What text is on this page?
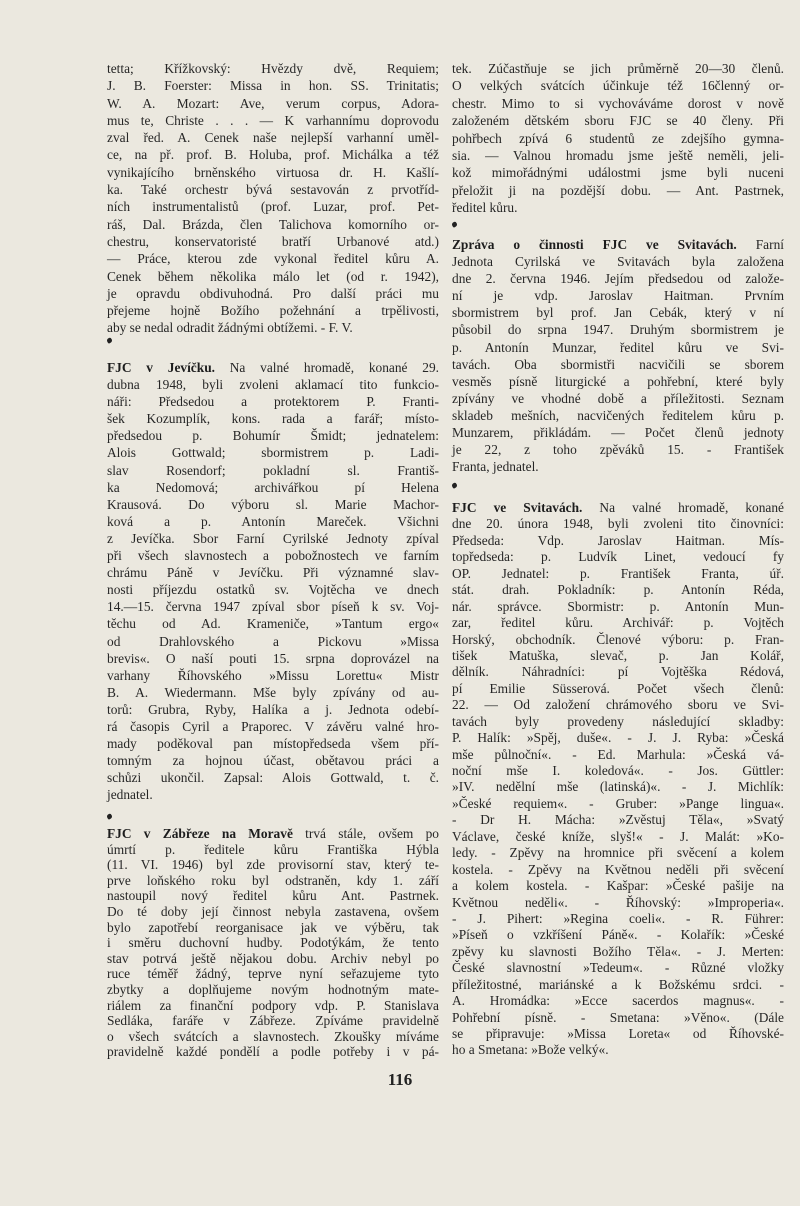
tetta; Křížkovský: Hvězdy dvě, Requiem;
J. B. Foerster: Missa in hon. SS. Trinitatis;
W. A. Mozart: Ave, verum corpus, Adora-
mus te, Christe . . . — K varhannímu doprovodu
zval řed. A. Cenek naše nejlepší varhanní uměl-
ce, na př. prof. B. Holuba, prof. Michálka a též
vynikajícího brněnského virtuosa dr. H. Kašlí-
ka. Také orchestr bývá sestavován z prvotříd-
ních instrumentalistů (prof. Luzar, prof. Pet-
ráš, Dal. Brázda, člen Talichova komorního or-
chestru, konservatoristé bratří Urbanové atd.)
— Práce, kterou zde vykonal ředitel kůru A.
Cenek během několika málo let (od r. 1942),
je opravdu obdivuhodná. Pro další práci mu
přejeme hojně Božího požehnání a trpělivosti,
aby se nedal odradit žádnými obtížemi. - F. V.
FJC v Jevíčku. Na valné hromadě, konané 29.
dubna 1948, byli zvoleni aklamací tito funkcio-
náři: Předsedou a protektorem P. Franti-
šek Kozumplík, kons. rada a farář; místo-
předsedou p. Bohumír Šmidt; jednatelem:
Alois Gottwald; sbormistrem p. Ladi-
slav Rosendorf; pokladní sl. Františ-
ka Nedomová; archivářkou pí Helena
Krausová. Do výboru sl. Marie Machor-
ková a p. Antonín Mareček. Všichni
z Jevíčka. Sbor Farní Cyrilské Jednoty zpíval
při všech slavnostech a pobožnostech ve farním
chrámu Páně v Jevíčku. Při významné slav-
nosti příjezdu ostatků sv. Vojtěcha ve dnech
14.—15. června 1947 zpíval sbor píseň k sv. Voj-
těchu od Ad. Krameniče, »Tantum ergo«
od Drahlovského a Pickovu »Missa
brevis«. O naší pouti 15. srpna doprovázel na
varhany Říhovského »Missu Lorettu« Mistr
B. A. Wiedermann. Mše byly zpívány od au-
torů: Grubra, Ryby, Halíka a j. Jednota odebí-
rá časopis Cyril a Praporec. V závěru valné hro-
mady poděkoval pan místopředseda všem pří-
tomným za hojnou účast, obětavou práci a
schůzi ukončil. Zapsal: Alois Gottwald, t. č.
jednatel.
FJC v Zábřeze na Moravě trvá stále, ovšem po
úmrtí p. ředitele kůru Františka Hýbla
(11. VI. 1946) byl zde provisorní stav, který te-
prve loňského roku byl odstraněn, kdy 1. září
nastoupil nový ředitel kůru Ant. Pastrnek.
Do té doby její činnost nebyla zastavena, ovšem
bylo zapotřebí reorganisace jak ve výběru, tak
i směru duchovní hudby. Podotýkám, že tento
stav potrvá ještě nějakou dobu. Archiv nebyl po
ruce téměř žádný, teprve nyní seřazujeme tyto
zbytky a doplňujeme novým hodnotným mate-
riálem za finanční podpory vdp. P. Stanislava
Sedláka, faráře v Zábřeze. Zpíváme pravidelně
o všech svátcích a slavnostech. Zkoušky míváme
pravidelně každé pondělí a podle potřeby i v pá-
tek. Zúčastňuje se jich průměrně 20—30 členů.
O velkých svátcích účinkuje též 16členný or-
chestr. Mimo to si vychováváme dorost v nově
založeném dětském sboru FJC se 40 členy. Při
pohřbech zpívá 6 studentů ze zdejšího gymna-
sia. — Valnou hromadu jsme ještě neměli, jeli-
kož mimořádnými událostmi jsme byli nuceni
přeložit ji na pozdější dobu. — Ant. Pastrnek,
ředitel kůru.
Zpráva o činnosti FJC ve Svitavách. Farní
Jednota Cyrilská ve Svitavách byla založena
dne 2. června 1946. Jejím předsedou od založe-
ní je vdp. Jaroslav Haitman. Prvním
sbormistrem byl prof. Jan Cebák, který v ní
působil do srpna 1947. Druhým sbormistrem je
p. Antonín Munzar, ředitel kůru ve Svi-
tavách. Oba sbormistři nacvičili se sborem
vesměs písně liturgické a pohřební, které byly
zpívány ve vhodné době a příležitosti. Seznam
skladeb mešních, nacvičených ředitelem kůru p.
Munzarem, přikládám. — Počet členů jednoty
je 22, z toho zpěváků 15. - František
Franta, jednatel.
FJC ve Svitavách. Na valné hromadě, konané
dne 20. února 1948, byli zvoleni tito činovníci:
Předseda: Vdp. Jaroslav Haitman. Mís-
topředseda: p. Ludvík Linet, vedoucí fy
OP. Jednatel: p. František Franta, úř.
stát. drah. Pokladník: p. Antonín Réda,
nár. správce. Sbormistr: p. Antonín Mun-
zar, ředitel kůru. Archivář: p. Vojtěch
Horský, obchodník. Členové výboru: p. Fran-
tišek Matuška, slevač, p. Jan Kolář,
dělník. Náhradníci: pí Vojtěška Rédová,
pí Emilie Süsserová. Počet všech členů:
22. — Od založení chrámového sboru ve Svi-
tavách byly provedeny následující skladby:
P. Halík: »Spěj, duše«. - J. J. Ryba: »Česká
mše půlnoční«. - Ed. Marhula: »Česká vá-
noční mše I. koledová«. - Jos. Güttler:
»IV. nedělní mše (latinská)«. - J. Michlík:
»České requiem«. - Gruber: »Pange lingua«.
- Dr H. Mácha: »Zvěstuj Těla«, »Svatý
Václave, české kníže, slyš!« - J. Malát: »Ko-
ledy. - Zpěvy na hromnice při svěcení a kolem
kostela. - Zpěvy na Květnou neděli při svěcení
a kolem kostela. - Kašpar: »České pašije na
Květnou neděli«. - Říhovský: »Improperia«.
- J. Pihert: »Regina coeli«. - R. Führer:
»Píseň o vzkříšení Páně«. - Kolařík: »České
zpěvy ku slavnosti Božího Těla«. - J. Merten:
České slavnostní »Tedeum«. - Různé vložky
příležitostné, mariánské a k Božskému srdci. -
A. Hromádka: »Ecce sacerdos magnus«. -
Pohřební písně. - Smetana: »Věno«. (Dále
se připravuje: »Missa Loreta« od Říhovské-
ho a Smetana: »Bože velký«.
116
